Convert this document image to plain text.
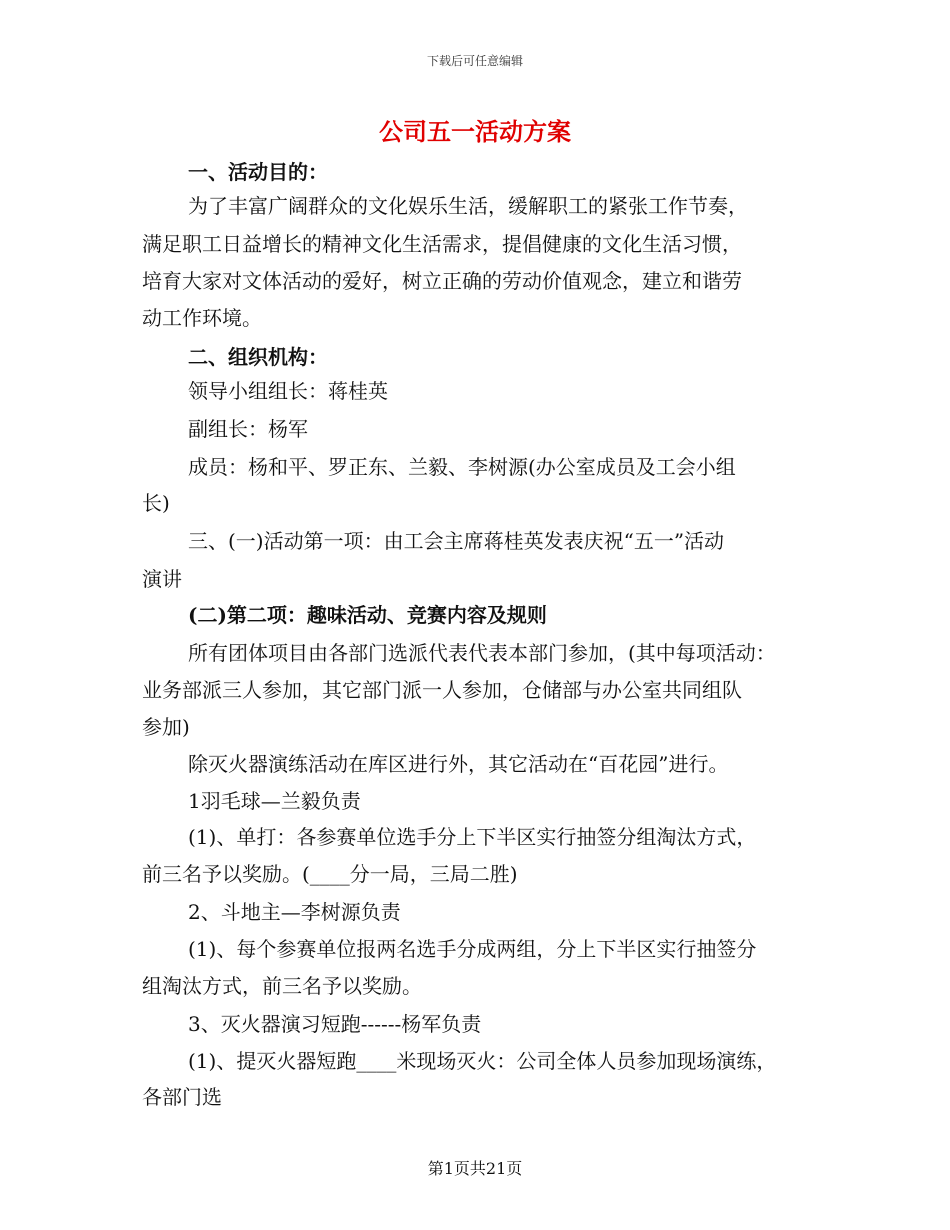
下载后可任意编辑
公司五一活动方案
一、活动目的：
为了丰富广阔群众的文化娱乐生活，缓解职工的紧张工作节奏，
满足职工日益增长的精神文化生活需求，提倡健康的文化生活习惯，
培育大家对文体活动的爱好，树立正确的劳动价值观念，建立和谐劳
动工作环境。
二、组织机构：
领导小组组长：蒋桂英
副组长：杨军
成员：杨和平、罗正东、兰毅、李树源(办公室成员及工会小组
长)
三、(一)活动第一项：由工会主席蒋桂英发表庆祝“五一”活动
演讲
(二)第二项：趣味活动、竞赛内容及规则
所有团体项目由各部门选派代表代表本部门参加，(其中每项活动：
业务部派三人参加，其它部门派一人参加，仓储部与办公室共同组队
参加)
除灭火器演练活动在库区进行外，其它活动在“百花园”进行。
1羽毛球—兰毅负责
(1)、单打：各参赛单位选手分上下半区实行抽签分组淘汰方式，
前三名予以奖励。(____分一局，三局二胜)
2、斗地主—李树源负责
(1)、每个参赛单位报两名选手分成两组，分上下半区实行抽签分
组淘汰方式，前三名予以奖励。
3、灭火器演习短跑------杨军负责
(1)、提灭火器短跑____米现场灭火：公司全体人员参加现场演练，
各部门选
第1页共21页
